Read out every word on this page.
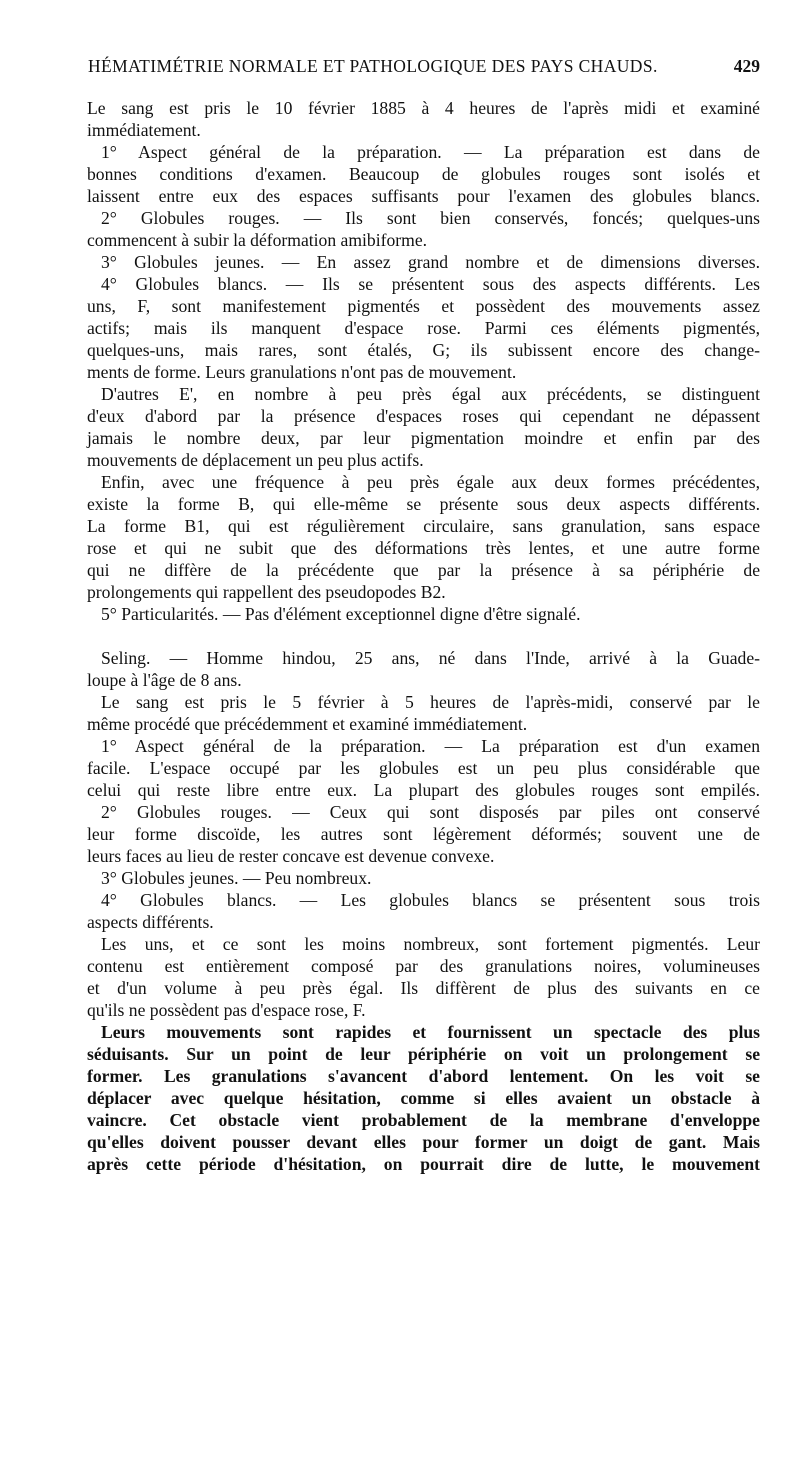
HÉMATIMÉTRIE NORMALE ET PATHOLOGIQUE DES PAYS CHAUDS.	429
Le sang est pris le 10 février 1885 à 4 heures de l'après midi et examiné
immédiatement.
1° Aspect général de la préparation. — La préparation est dans de
bonnes conditions d'examen. Beaucoup de globules rouges sont isolés et
laissent entre eux des espaces suffisants pour l'examen des globules blancs.
2° Globules rouges. — Ils sont bien conservés, foncés; quelques-uns
commencent à subir la déformation amibiforme.
3° Globules jeunes. — En assez grand nombre et de dimensions diverses.
4° Globules blancs. — Ils se présentent sous des aspects différents. Les
uns, F, sont manifestement pigmentés et possèdent des mouvements assez
actifs; mais ils manquent d'espace rose. Parmi ces éléments pigmentés,
quelques-uns, mais rares, sont étalés, G; ils subissent encore des change-
ments de forme. Leurs granulations n'ont pas de mouvement.
D'autres E', en nombre à peu près égal aux précédents, se distinguent
d'eux d'abord par la présence d'espaces roses qui cependant ne dépassent
jamais le nombre deux, par leur pigmentation moindre et enfin par des
mouvements de déplacement un peu plus actifs.
Enfin, avec une fréquence à peu près égale aux deux formes précédentes,
existe la forme B, qui elle-même se présente sous deux aspects différents.
La forme B1, qui est régulièrement circulaire, sans granulation, sans espace
rose et qui ne subit que des déformations très lentes, et une autre forme
qui ne diffère de la précédente que par la présence à sa périphérie de
prolongements qui rappellent des pseudopodes B2.
5° Particularités. — Pas d'élément exceptionnel digne d'être signalé.
Seling. — Homme hindou, 25 ans, né dans l'Inde, arrivé à la Guade-
loupe à l'âge de 8 ans.
Le sang est pris le 5 février à 5 heures de l'après-midi, conservé par le
même procédé que précédemment et examiné immédiatement.
1° Aspect général de la préparation. — La préparation est d'un examen
facile. L'espace occupé par les globules est un peu plus considérable que
celui qui reste libre entre eux. La plupart des globules rouges sont empilés.
2° Globules rouges. — Ceux qui sont disposés par piles ont conservé
leur forme discoïde, les autres sont légèrement déformés; souvent une de
leurs faces au lieu de rester concave est devenue convexe.
3° Globules jeunes. — Peu nombreux.
4° Globules blancs. — Les globules blancs se présentent sous trois
aspects différents.
Les uns, et ce sont les moins nombreux, sont fortement pigmentés. Leur
contenu est entièrement composé par des granulations noires, volumineuses
et d'un volume à peu près égal. Ils diffèrent de plus des suivants en ce
qu'ils ne possèdent pas d'espace rose, F.
Leurs mouvements sont rapides et fournissent un spectacle des plus
séduisants. Sur un point de leur périphérie on voit un prolongement se
former. Les granulations s'avancent d'abord lentement. On les voit se
déplacer avec quelque hésitation, comme si elles avaient un obstacle à
vaincre. Cet obstacle vient probablement de la membrane d'enveloppe
qu'elles doivent pousser devant elles pour former un doigt de gant. Mais
après cette période d'hésitation, on pourrait dire de lutte, le mouvement
